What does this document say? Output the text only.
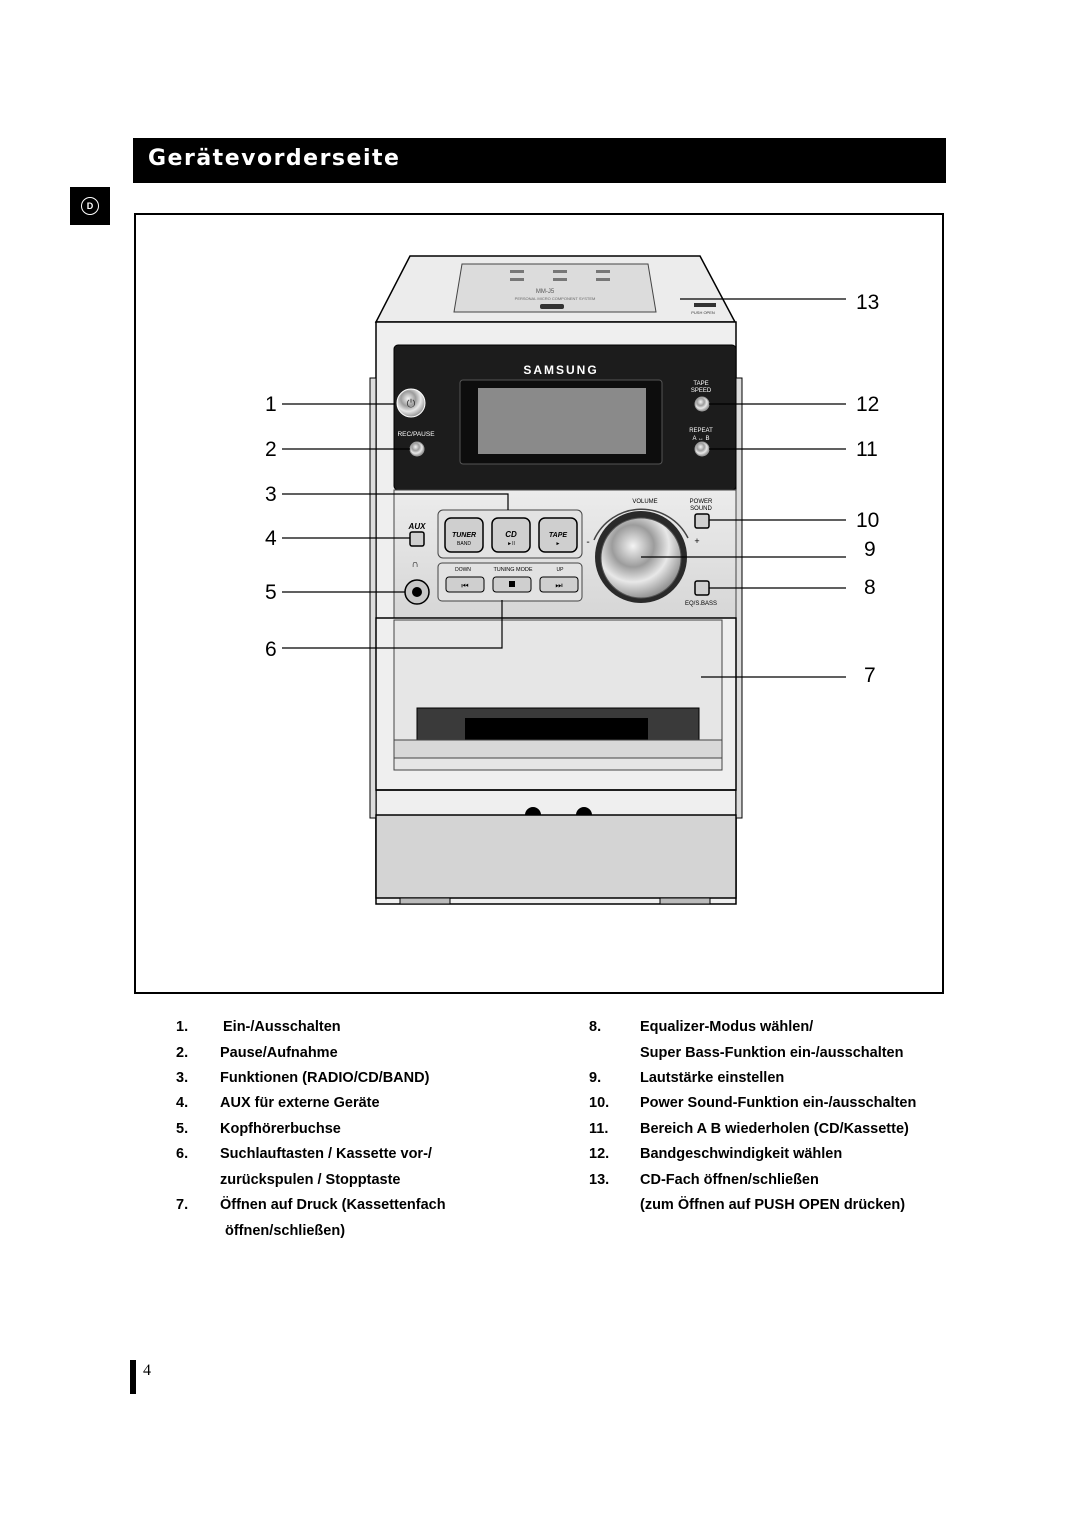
Gerätevorderseite
D
MM-J5
PERSONAL MICRO COMPONENT SYSTEM
PUSH OPEN
SAMSUNG
⏻
REC/PAUSE
TAPE
SPEED
REPEAT
A ↔ B
TUNER
BAND
CD
►II
TAPE
►
AUX
∩	DOWN	TUNING MODE	UP
⏮	⏭
VOLUME	POWER
SOUND
-	+
EQ/S.BASS
13
1	12
2	11
3
10
4	9
5	8
6
7
1. Ein-/Ausschalten
2. Pause/Aufnahme
3. Funktionen (RADIO/CD/BAND)
4. AUX für externe Geräte
5. Kopfhörerbuchse
6. Suchlauftasten / Kassette vor-/
zurückspulen / Stopptaste
7. Öffnen auf Druck (Kassettenfach
öffnen/schließen)
8.	Equalizer-Modus wählen/
Super Bass-Funktion ein-/ausschalten
9.	Lautstärke einstellen
10. Power Sound-Funktion ein-/ausschalten
11. Bereich A B wiederholen (CD/Kassette)
12. Bandgeschwindigkeit wählen
13. CD-Fach öffnen/schließen
(zum Öffnen auf PUSH OPEN drücken)
4
